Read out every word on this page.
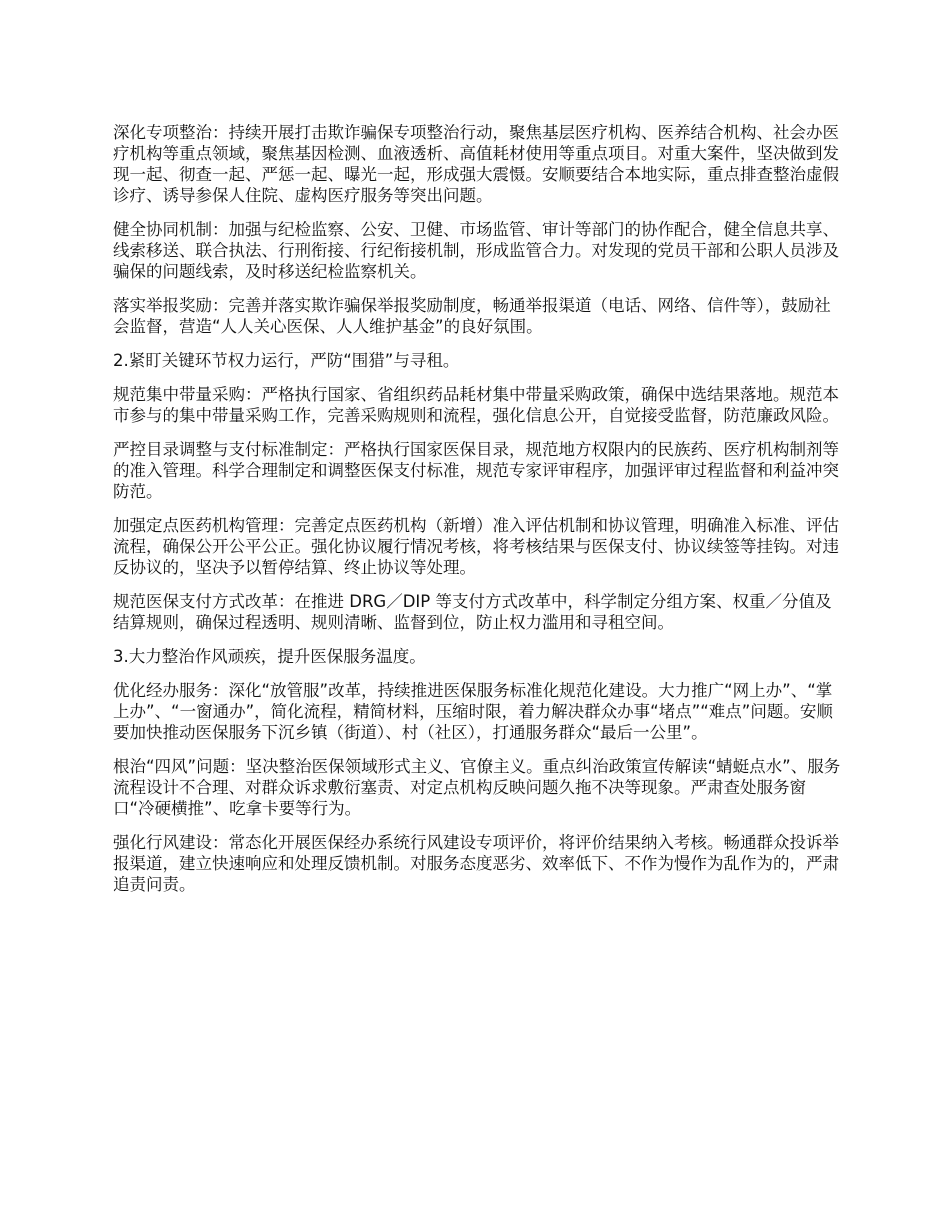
深化专项整治：持续开展打击欺诈骗保专项整治行动，聚焦基层医疗机构、医养结合机构、社会办医疗机构等重点领域，聚焦基因检测、血液透析、高值耗材使用等重点项目。对重大案件，坚决做到发现一起、彻查一起、严惩一起、曝光一起，形成强大震慑。安顺要结合本地实际，重点排查整治虚假诊疗、诱导参保人住院、虚构医疗服务等突出问题。

健全协同机制：加强与纪检监察、公安、卫健、市场监管、审计等部门的协作配合，健全信息共享、线索移送、联合执法、行刑衔接、行纪衔接机制，形成监管合力。对发现的党员干部和公职人员涉及骗保的问题线索，及时移送纪检监察机关。

落实举报奖励：完善并落实欺诈骗保举报奖励制度，畅通举报渠道（电话、网络、信件等），鼓励社会监督，营造“人人关心医保、人人维护基金”的良好氛围。

2.紧盯关键环节权力运行，严防“围猎”与寻租。

规范集中带量采购：严格执行国家、省组织药品耗材集中带量采购政策，确保中选结果落地。规范本市参与的集中带量采购工作，完善采购规则和流程，强化信息公开，自觉接受监督，防范廉政风险。

严控目录调整与支付标准制定：严格执行国家医保目录，规范地方权限内的民族药、医疗机构制剂等的准入管理。科学合理制定和调整医保支付标准，规范专家评审程序，加强评审过程监督和利益冲突防范。

加强定点医药机构管理：完善定点医药机构（新增）准入评估机制和协议管理，明确准入标准、评估流程，确保公开公平公正。强化协议履行情况考核，将考核结果与医保支付、协议续签等挂钩。对违反协议的，坚决予以暂停结算、终止协议等处理。

规范医保支付方式改革：在推进 DRG／DIP 等支付方式改革中，科学制定分组方案、权重／分值及结算规则，确保过程透明、规则清晰、监督到位，防止权力滥用和寻租空间。

3.大力整治作风顽疾，提升医保服务温度。

优化经办服务：深化“放管服”改革，持续推进医保服务标准化规范化建设。大力推广“网上办”、“掌上办”、“一窗通办”，简化流程，精简材料，压缩时限，着力解决群众办事“堵点”“难点”问题。安顺要加快推动医保服务下沉乡镇（街道）、村（社区），打通服务群众“最后一公里”。

根治“四风”问题：坚决整治医保领域形式主义、官僚主义。重点纠治政策宣传解读“蜻蜓点水”、服务流程设计不合理、对群众诉求敷衍塞责、对定点机构反映问题久拖不决等现象。严肃查处服务窗口“冷硬横推”、吃拿卡要等行为。

强化行风建设：常态化开展医保经办系统行风建设专项评价，将评价结果纳入考核。畅通群众投诉举报渠道，建立快速响应和处理反馈机制。对服务态度恶劣、效率低下、不作为慢作为乱作为的，严肃追责问责。
